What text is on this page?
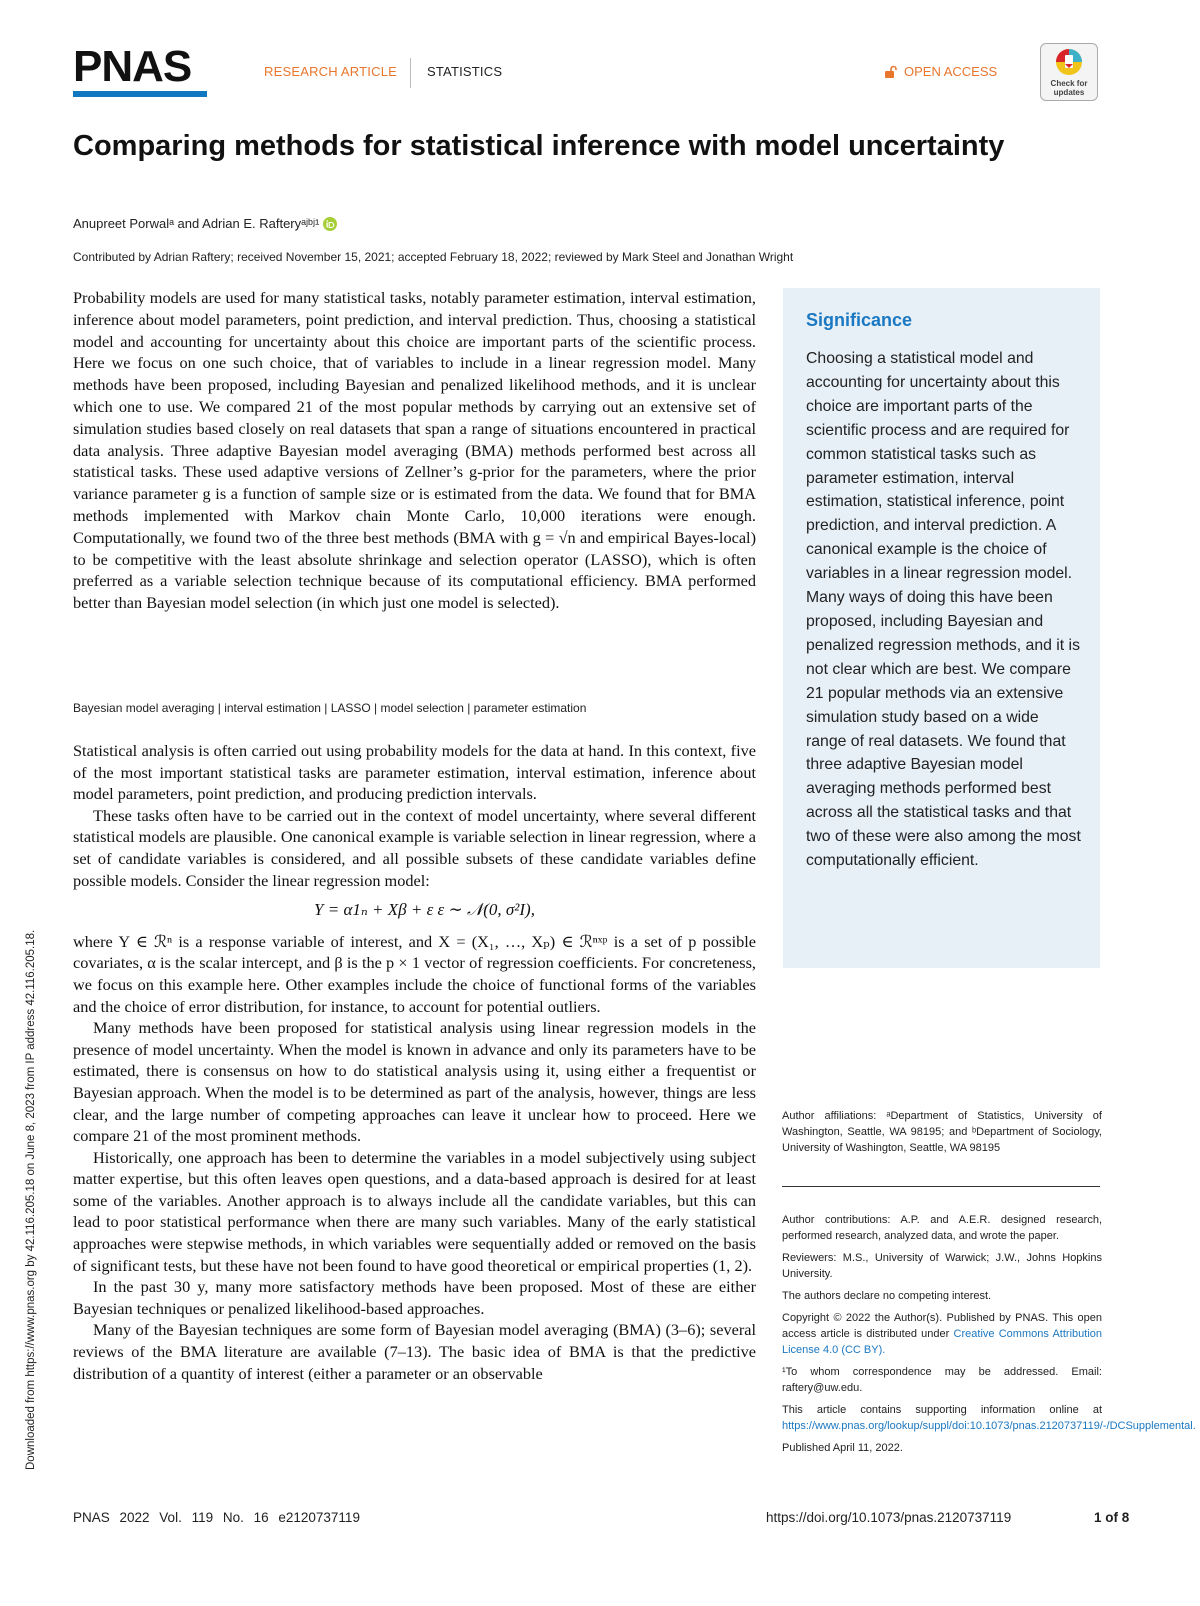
PNAS	RESEARCH ARTICLE STATISTICS	OPEN ACCESS
Check for updates
Comparing methods for statistical inference with model uncertainty
Anupreet Porwalᵃ and Adrian E. Rafteryᵃʲᵇʲ¹
Contributed by Adrian Raftery; received November 15, 2021; accepted February 18, 2022; reviewed by Mark Steel and Jonathan Wright

Probability models are used for many statistical tasks, notably parameter estimation, interval estimation, inference about model parameters, point prediction, and interval prediction. Thus, choosing a statistical model and accounting for uncertainty about this choice are important parts of the scientific process. Here we focus on one such choice, that of variables to include in a linear regression model. Many methods have been proposed, including Bayesian and penalized likelihood methods, and it is unclear which one to use. We compared 21 of the most popular methods by carrying out an extensive set of simulation studies based closely on real datasets that span a range of situations encountered in practical data analysis. Three adaptive Bayesian model averaging (BMA) methods performed best across all statistical tasks. These used adaptive versions of Zellner’s g-prior for the parameters, where the prior variance parameter g is a function of sample size or is estimated from the data. We found that for BMA methods implemented with Markov chain Monte Carlo, 10,000 iterations were enough. Computationally, we found two of the three best methods (BMA with g = √n and empirical Bayes-local) to be competitive with the least absolute shrinkage and selection operator (LASSO), which is often preferred as a variable selection technique because of its computational efficiency. BMA performed better than Bayesian model selection (in which just one model is selected).

Bayesian model averaging | interval estimation | LASSO | model selection | parameter estimation

Statistical analysis is often carried out using probability models for the data at hand. In this context, five of the most important statistical tasks are parameter estimation, interval estimation, inference about model parameters, point prediction, and producing prediction intervals.

These tasks often have to be carried out in the context of model uncertainty, where several different statistical models are plausible. One canonical example is variable selection in linear regression, where a set of candidate variables is considered, and all possible subsets of these candidate variables define possible models. Consider the linear regression model:

Y = α1ₙ + Xβ + ε ε ∼ 𝒩(0, σ²I),

where Y ∈ ℛⁿ is a response variable of interest, and X = (X₁, …, Xₚ) ∈ ℛⁿˣᵖ is a set of p possible covariates, α is the scalar intercept, and β is the p × 1 vector of regression coefficients. For concreteness, we focus on this example here. Other examples include the choice of functional forms of the variables and the choice of error distribution, for instance, to account for potential outliers.

Many methods have been proposed for statistical analysis using linear regression models in the presence of model uncertainty. When the model is known in advance and only its parameters have to be estimated, there is consensus on how to do statistical analysis using it, using either a frequentist or Bayesian approach. When the model is to be determined as part of the analysis, however, things are less clear, and the large number of competing approaches can leave it unclear how to proceed. Here we compare 21 of the most prominent methods.

Historically, one approach has been to determine the variables in a model subjectively using subject matter expertise, but this often leaves open questions, and a data-based approach is desired for at least some of the variables. Another approach is to always include all the candidate variables, but this can lead to poor statistical performance when there are many such variables. Many of the early statistical approaches were stepwise methods, in which variables were sequentially added or removed on the basis of significant tests, but these have not been found to have good theoretical or empirical properties (1, 2).

In the past 30 y, many more satisfactory methods have been proposed. Most of these are either Bayesian techniques or penalized likelihood-based approaches.

Many of the Bayesian techniques are some form of Bayesian model averaging (BMA) (3–6); several reviews of the BMA literature are available (7–13). The basic idea of BMA is that the predictive distribution of a quantity of interest (either a parameter or an observable

Significance

Choosing a statistical model and accounting for uncertainty about this choice are important parts of the scientific process and are required for common statistical tasks such as parameter estimation, interval estimation, statistical inference, point prediction, and interval prediction. A canonical example is the choice of variables in a linear regression model. Many ways of doing this have been proposed, including Bayesian and penalized regression methods, and it is not clear which are best. We compare 21 popular methods via an extensive simulation study based on a wide range of real datasets. We found that three adaptive Bayesian model averaging methods performed best across all the statistical tasks and that two of these were also among the most computationally efficient.

Author affiliations: ᵃDepartment of Statistics, University of Washington, Seattle, WA 98195; and ᵇDepartment of Sociology, University of Washington, Seattle, WA 98195

Author contributions: A.P. and A.E.R. designed research, performed research, analyzed data, and wrote the paper.

Reviewers: M.S., University of Warwick; J.W., Johns Hopkins University.

The authors declare no competing interest.

Copyright © 2022 the Author(s). Published by PNAS. This open access article is distributed under Creative Commons Attribution License 4.0 (CC BY).

¹To whom correspondence may be addressed. Email: raftery@uw.edu.

This article contains supporting information online at https://www.pnas.org/lookup/suppl/doi:10.1073/pnas.2120737119/-/DCSupplemental.

Published April 11, 2022.

Downloaded from https://www.pnas.org by 42.116.205.18 on June 8, 2023 from IP address 42.116.205.18.
PNAS 2022 Vol. 119 No. 16 e2120737119	https://doi.org/10.1073/pnas.2120737119	1 of 8
